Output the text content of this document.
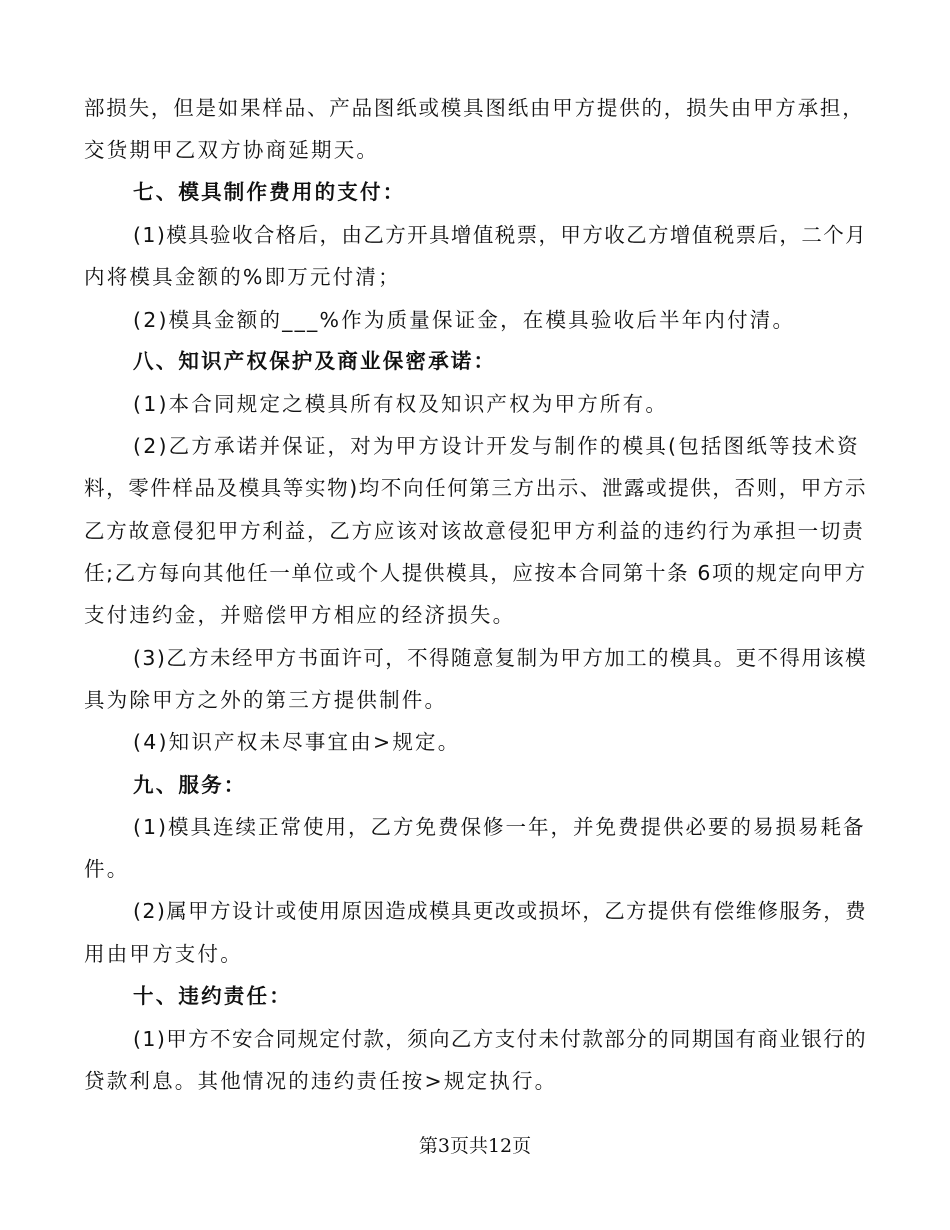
部损失，但是如果样品、产品图纸或模具图纸由甲方提供的，损失由甲方承担，
交货期甲乙双方协商延期天。
七、模具制作费用的支付：
(1)模具验收合格后，由乙方开具增值税票，甲方收乙方增值税票后，二个月
内将模具金额的%即万元付清；
(2)模具金额的___%作为质量保证金，在模具验收后半年内付清。
八、知识产权保护及商业保密承诺：
(1)本合同规定之模具所有权及知识产权为甲方所有。
(2)乙方承诺并保证，对为甲方设计开发与制作的模具(包括图纸等技术资
料，零件样品及模具等实物)均不向任何第三方出示、泄露或提供，否则，甲方示
乙方故意侵犯甲方利益，乙方应该对该故意侵犯甲方利益的违约行为承担一切责
任;乙方每向其他任一单位或个人提供模具，应按本合同第十条 6项的规定向甲方
支付违约金，并赔偿甲方相应的经济损失。
(3)乙方未经甲方书面许可，不得随意复制为甲方加工的模具。更不得用该模
具为除甲方之外的第三方提供制件。
(4)知识产权未尽事宜由>规定。
九、服务：
(1)模具连续正常使用，乙方免费保修一年，并免费提供必要的易损易耗备
件。
(2)属甲方设计或使用原因造成模具更改或损坏，乙方提供有偿维修服务，费
用由甲方支付。
十、违约责任：
(1)甲方不安合同规定付款，须向乙方支付未付款部分的同期国有商业银行的
贷款利息。其他情况的违约责任按>规定执行。
第3页共12页
